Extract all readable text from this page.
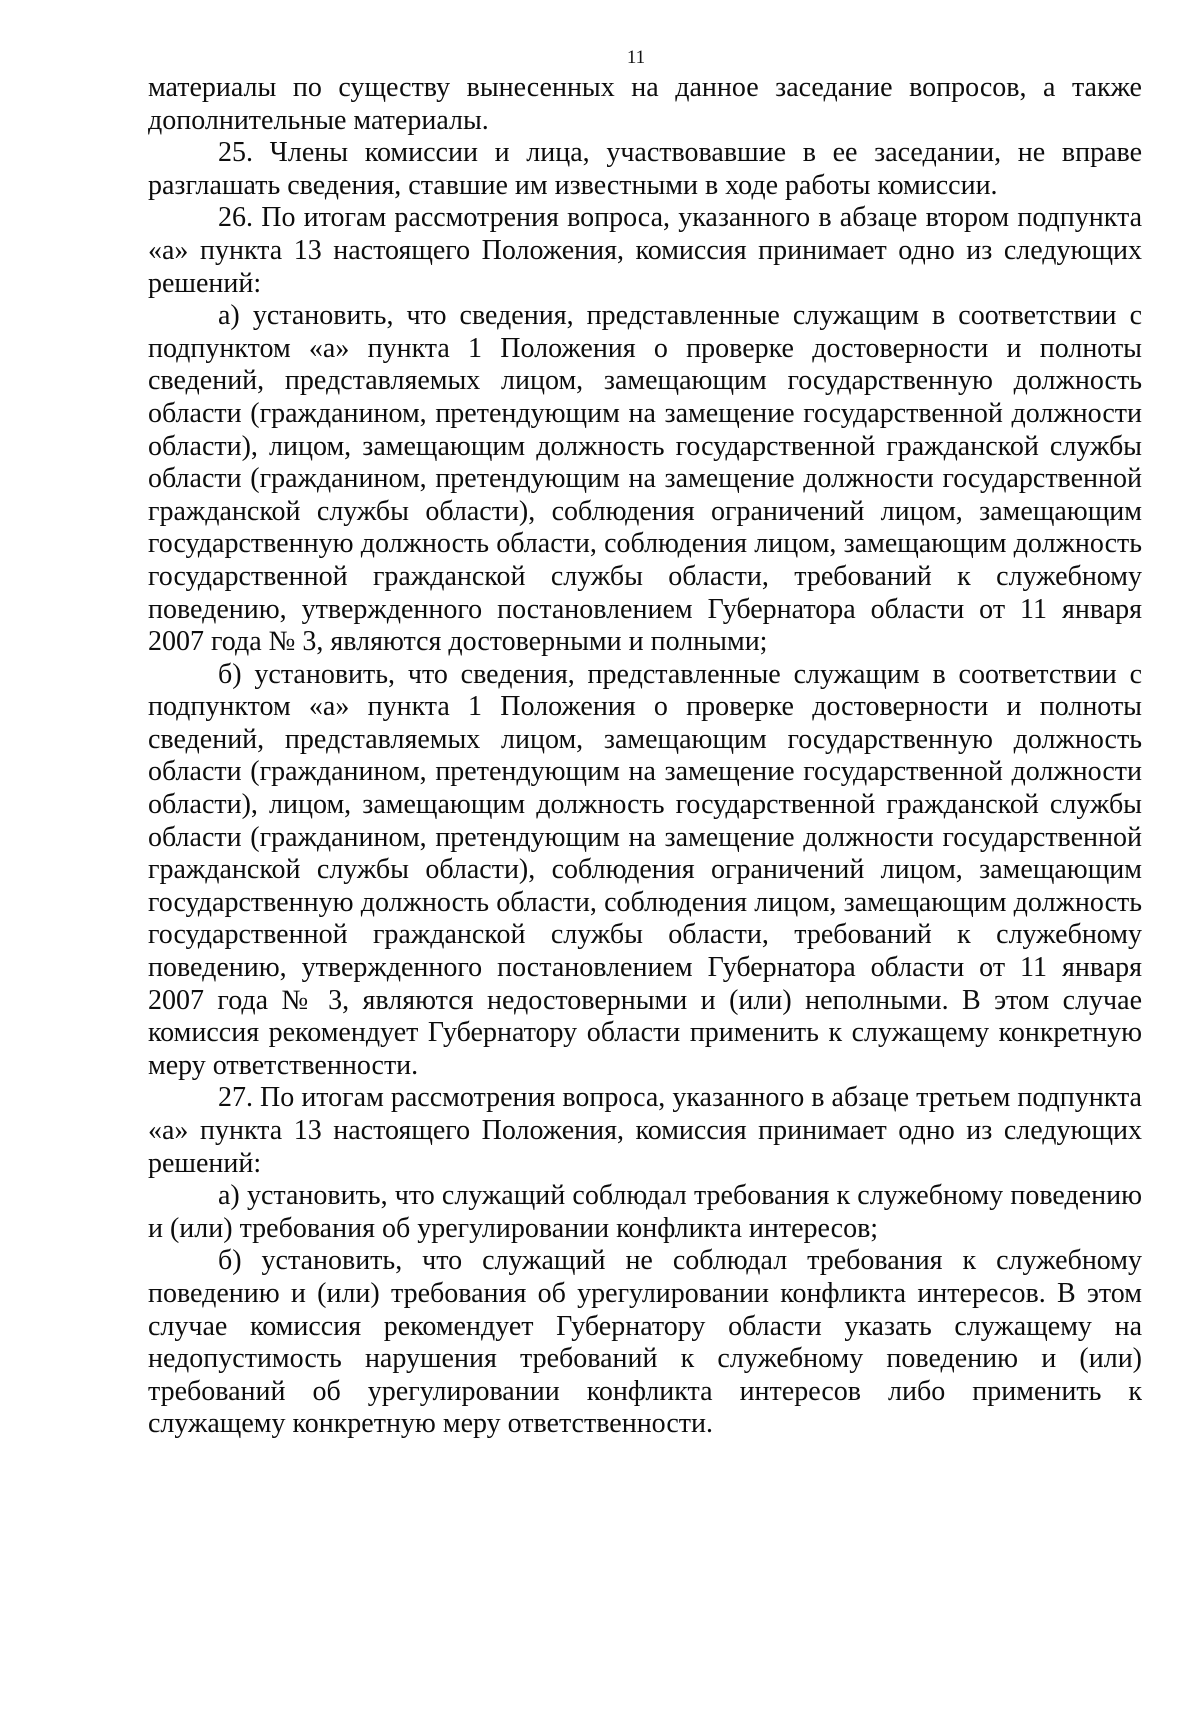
11

материалы по существу вынесенных на данное заседание вопросов, а также дополнительные материалы.

25. Члены комиссии и лица, участвовавшие в ее заседании, не вправе разглашать сведения, ставшие им известными в ходе работы комиссии.

26. По итогам рассмотрения вопроса, указанного в абзаце втором подпункта «а» пункта 13 настоящего Положения, комиссия принимает одно из следующих решений:

а) установить, что сведения, представленные служащим в соответствии с подпунктом «а» пункта 1 Положения о проверке достоверности и полноты сведений, представляемых лицом, замещающим государственную должность области (гражданином, претендующим на замещение государственной должности области), лицом, замещающим должность государственной гражданской службы области (гражданином, претендующим на замещение должности государственной гражданской службы области), соблюдения ограничений лицом, замещающим государственную должность области, соблюдения лицом, замещающим должность государственной гражданской службы области, требований к служебному поведению, утвержденного постановлением Губернатора области от 11 января 2007 года № 3, являются достоверными и полными;

б) установить, что сведения, представленные служащим в соответствии с подпунктом «а» пункта 1 Положения о проверке достоверности и полноты сведений, представляемых лицом, замещающим государственную должность области (гражданином, претендующим на замещение государственной должности области), лицом, замещающим должность государственной гражданской службы области (гражданином, претендующим на замещение должности государственной гражданской службы области), соблюдения ограничений лицом, замещающим государственную должность области, соблюдения лицом, замещающим должность государственной гражданской службы области, требований к служебному поведению, утвержденного постановлением Губернатора области от 11 января 2007 года № 3, являются недостоверными и (или) неполными. В этом случае комиссия рекомендует Губернатору области применить к служащему конкретную меру ответственности.

27. По итогам рассмотрения вопроса, указанного в абзаце третьем подпункта «а» пункта 13 настоящего Положения, комиссия принимает одно из следующих решений:

а) установить, что служащий соблюдал требования к служебному поведению и (или) требования об урегулировании конфликта интересов;

б) установить, что служащий не соблюдал требования к служебному поведению и (или) требования об урегулировании конфликта интересов. В этом случае комиссия рекомендует Губернатору области указать служащему на недопустимость нарушения требований к служебному поведению и (или) требований об урегулировании конфликта интересов либо применить к служащему конкретную меру ответственности.
